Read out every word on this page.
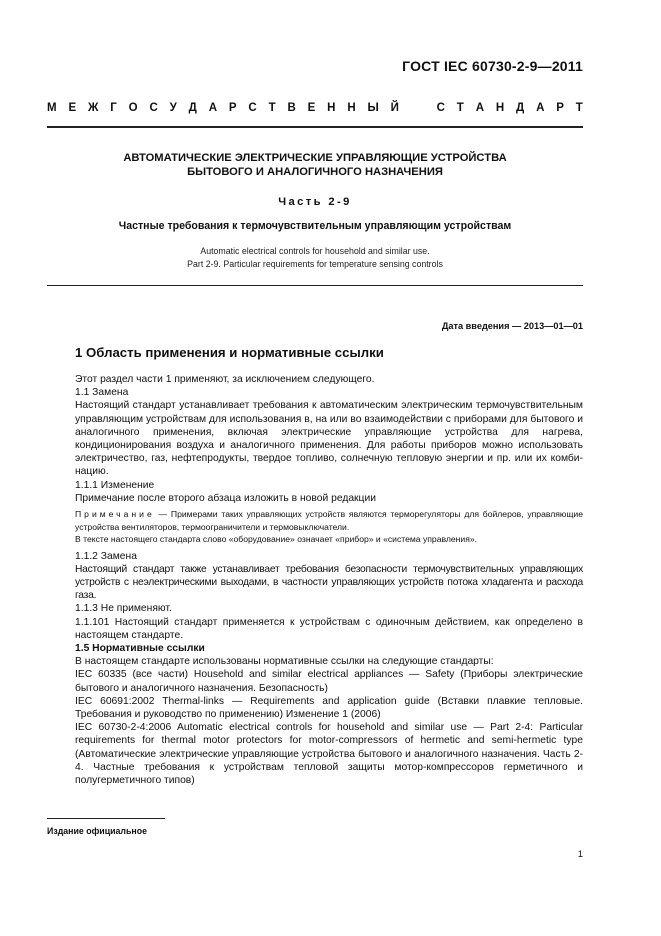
ГОСТ IEC 60730-2-9—2011
М Е Ж Г О С У Д А Р С Т В Е Н Н Ы Й	С Т А Н Д А Р Т
АВТОМАТИЧЕСКИЕ ЭЛЕКТРИЧЕСКИЕ УПРАВЛЯЮЩИЕ УСТРОЙСТВА
БЫТОВОГО И АНАЛОГИЧНОГО НАЗНАЧЕНИЯ
Часть 2-9
Частные требования к термочувствительным управляющим устройствам
Automatic electrical controls for household and similar use.
Part 2-9. Particular requirements for temperature sensing controls
Дата введения — 2013—01—01
1 Область применения и нормативные ссылки

Этот раздел части 1 применяют, за исключением следующего.

1.1 Замена

Настоящий стандарт устанавливает требования к автоматическим электрическим термочувствительным управляющим устройствам для использования в, на или во взаимодействии с приборами для бытового и аналогичного применения, включая электрические управляющие устройства для нагрева, кондиционирования воздуха и аналогичного применения. Для работы приборов можно использовать электричество, газ, нефтепродукты, твердое топливо, солнечную тепловую энергии и пр. или их комбинацию.

1.1.1 Изменение

Примечание после второго абзаца изложить в новой редакции

Примечание — Примерами таких управляющих устройств являются терморегуляторы для бойлеров, управляющие устройства вентиляторов, термоограничители и термовыключатели.

В тексте настоящего стандарта слово «оборудование» означает «прибор» и «система управления».

1.1.2 Замена

Настоящий стандарт также устанавливает требования безопасности термочувствительных управляющих устройств с неэлектрическими выходами, в частности управляющих устройств потока хладагента и расхода газа.

1.1.3 Не применяют.

1.1.101 Настоящий стандарт применяется к устройствам с одиночным действием, как определено в настоящем стандарте.

1.5 Нормативные ссылки

В настоящем стандарте использованы нормативные ссылки на следующие стандарты:

IEC 60335 (все части) Household and similar electrical appliances — Safety (Приборы электрические бытового и аналогичного назначения. Безопасность)

IEC 60691:2002 Thermal-links — Requirements and application guide (Вставки плавкие тепловые. Требования и руководство по применению) Изменение 1 (2006)

IEC 60730-2-4:2006 Automatic electrical controls for household and similar use — Part 2-4: Particular requirements for thermal motor protectors for motor-compressors of hermetic and semi-hermetic type (Автоматические электрические управляющие устройства бытового и аналогичного назначения. Часть 2-4. Частные требования к устройствам тепловой защиты мотор-компрессоров герметичного и полугерметичного типов)

Издание официальное
1
